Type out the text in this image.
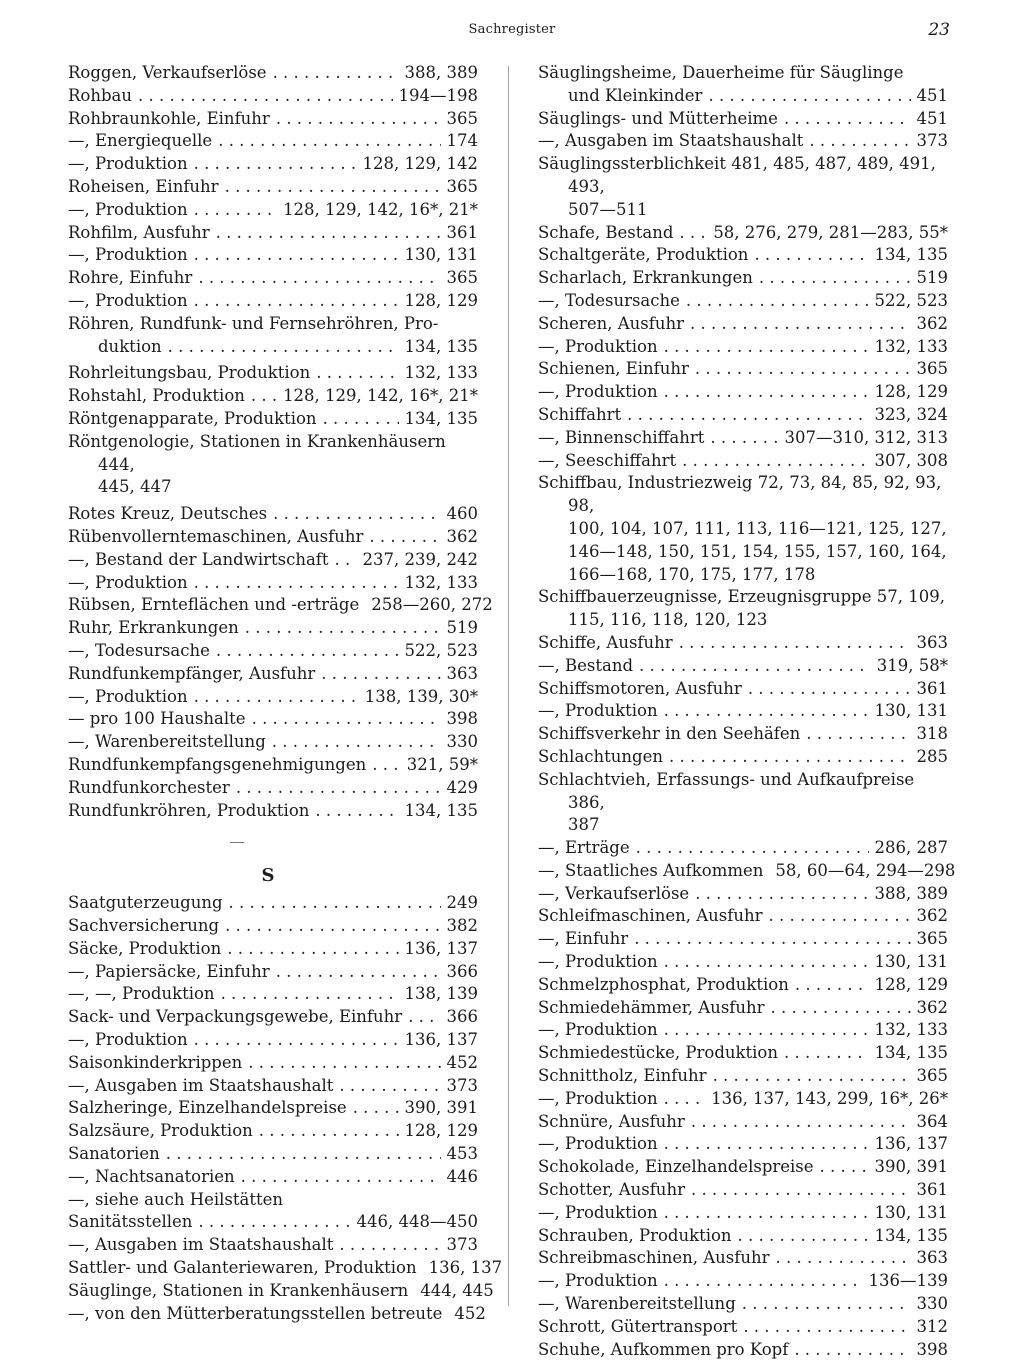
Sachregister	23
Roggen, Verkaufserlöse . . .	388, 389
Rohbau . . .	194—198
Rohbraunkohle, Einfuhr . . .	365
—, Energiequelle . . .	174
—, Produktion . . .	128, 129, 142
Roheisen, Einfuhr . . .	365
—, Produktion . . .	128, 129, 142, 16*, 21*
Rohfilm, Ausfuhr . . .	361
—, Produktion . . .	130, 131
Rohre, Einfuhr . . .	365
—, Produktion . . .	128, 129
Röhren, Rundfunk- und Fernsehröhren, Pro-
duktion . . .	134, 135
Rohrleitungsbau, Produktion . . .	132, 133
Rohstahl, Produktion . . . 128, 129, 142, 16*, 21*
Röntgenapparate, Produktion . . .	134, 135
Röntgenologie, Stationen in Krankenhäusern 444,
445, 447
Rotes Kreuz, Deutsches . . .	460
Rübenvollerntemaschinen, Ausfuhr . . .	362
—, Bestand der Landwirtschaft . . . 237, 239, 242
—, Produktion . . .	132, 133
Rübsen, Ernteflächen und -erträge 258—260, 272
Ruhr, Erkrankungen . . .	519
—, Todesursache . . .	522, 523
Rundfunkempfänger, Ausfuhr . . .	363
—, Produktion . . .	138, 139, 30*
— pro 100 Haushalte . . .	398
—, Warenbereitstellung . . .	330
Rundfunkempfangsgenehmigungen . . . 321, 59*
Rundfunkorchester . . .	429
Rundfunkröhren, Produktion . . .	134, 135
S
Saatguterzeugung . . .	249
Sachversicherung . . .	382
Säcke, Produktion . . .	136, 137
—, Papiersäcke, Einfuhr . . .	366
—, —, Produktion . . .	138, 139
Sack- und Verpackungsgewebe, Einfuhr . . .	366
—, Produktion . . .	136, 137
Saisonkinderkrippen . . .	452
—, Ausgaben im Staatshaushalt . . .	373
Salzheringe, Einzelhandelspreise . . .	390, 391
Salzsäure, Produktion . . .	128, 129
Sanatorien . . .	453
—, Nachtsanatorien . . .	446
—, siehe auch Heilstätten
Sanitätsstellen . . .	446, 448—450
—, Ausgaben im Staatshaushalt . . .	373
Sattler- und Galanteriewaren, Produktion 136, 137
Säuglinge, Stationen in Krankenhäusern 444, 445
—, von den Mütterberatungsstellen betreute 452
Säuglingsheime, Dauerheime für Säuglinge
und Kleinkinder . . .	451
Säuglings- und Mütterheime . . .	451
—, Ausgaben im Staatshaushalt . . .	373
Säuglingssterblichkeit 481, 485, 487, 489, 491, 493,
507—511
Schafe, Bestand . . . 58, 276, 279, 281—283, 55*
Schaltgeräte, Produktion . . .	134, 135
Scharlach, Erkrankungen . . .	519
—, Todesursache . . .	522, 523
Scheren, Ausfuhr . . .	362
—, Produktion . . .	132, 133
Schienen, Einfuhr . . .	365
—, Produktion . . .	128, 129
Schiffahrt . . .	323, 324
—, Binnenschiffahrt . . .	307—310, 312, 313
—, Seeschiffahrt . . .	307, 308
Schiffbau, Industriezweig 72, 73, 84, 85, 92, 93, 98,
100, 104, 107, 111, 113, 116—121, 125, 127,
146—148, 150, 151, 154, 155, 157, 160, 164,
166—168, 170, 175, 177, 178
Schiffbauerzeugnisse, Erzeugnisgruppe 57, 109,
115, 116, 118, 120, 123
Schiffe, Ausfuhr . . .	363
—, Bestand . . .	319, 58*
Schiffsmotoren, Ausfuhr . . .	361
—, Produktion . . .	130, 131
Schiffsverkehr in den Seehäfen . . .	318
Schlachtungen . . .	285
Schlachtvieh, Erfassungs- und Aufkaufpreise 386,
387
—, Erträge . . .	286, 287
—, Staatliches Aufkommen 58, 60—64, 294—298
—, Verkaufserlöse . . .	388, 389
Schleifmaschinen, Ausfuhr . . .	362
—, Einfuhr . . .	365
—, Produktion . . .	130, 131
Schmelzphosphat, Produktion . . .	128, 129
Schmiedehämmer, Ausfuhr . . .	362
—, Produktion . . .	132, 133
Schmiedestücke, Produktion . . .	134, 135
Schnittholz, Einfuhr . . .	365
—, Produktion . . .	136, 137, 143, 299, 16*, 26*
Schnüre, Ausfuhr . . .	364
—, Produktion . . .	136, 137
Schokolade, Einzelhandelspreise . . .	390, 391
Schotter, Ausfuhr . . .	361
—, Produktion . . .	130, 131
Schrauben, Produktion . . .	134, 135
Schreibmaschinen, Ausfuhr . . .	363
—, Produktion . . .	136—139
—, Warenbereitstellung . . .	330
Schrott, Gütertransport . . .	312
Schuhe, Aufkommen pro Kopf . . .	398
